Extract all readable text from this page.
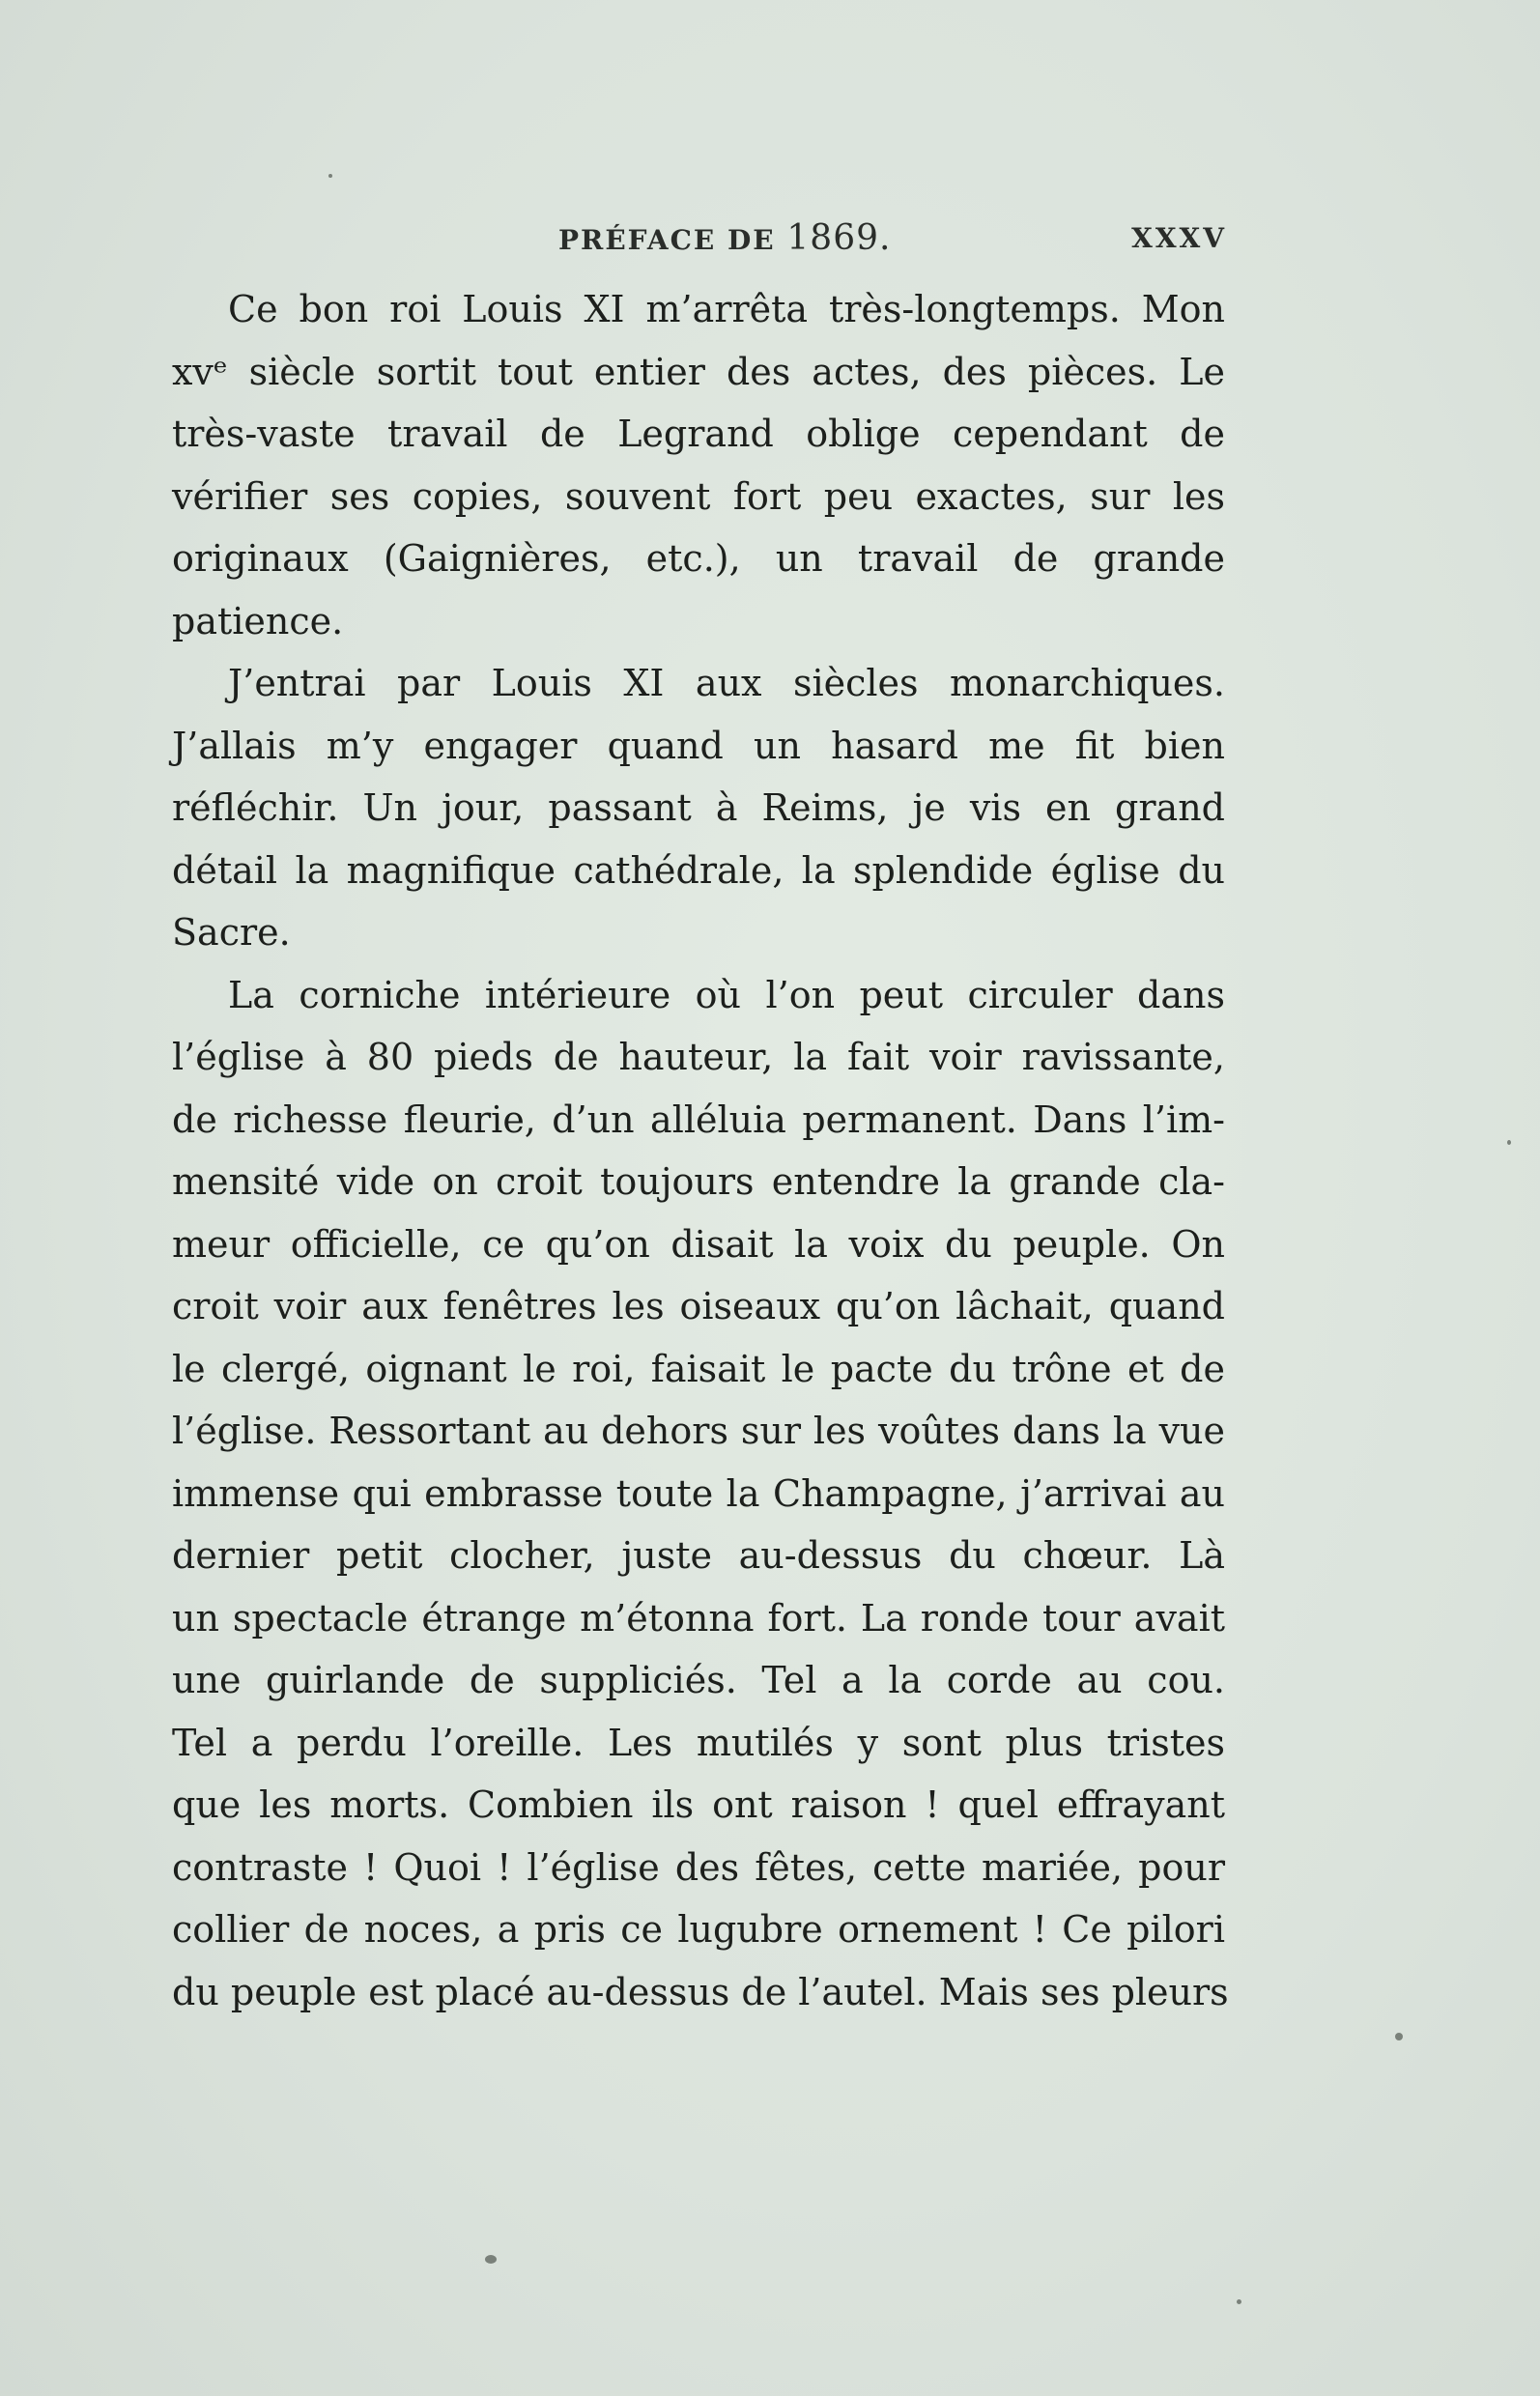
PRÉFACE DE 1869.	XXXV
Ce bon roi Louis XI m’arrêta très-longtemps. Mon
xvᵉ siècle sortit tout entier des actes, des pièces. Le
très-vaste travail de Legrand oblige cependant de
vérifier ses copies, souvent fort peu exactes, sur les
originaux (Gaignières, etc.), un travail de grande
patience.
J’entrai par Louis XI aux siècles monarchiques.
J’allais m’y engager quand un hasard me fit bien
réfléchir. Un jour, passant à Reims, je vis en grand
détail la magnifique cathédrale, la splendide église du
Sacre.
La corniche intérieure où l’on peut circuler dans
l’église à 80 pieds de hauteur, la fait voir ravissante,
de richesse fleurie, d’un alléluia permanent. Dans l’im-
mensité vide on croit toujours entendre la grande cla-
meur officielle, ce qu’on disait la voix du peuple. On
croit voir aux fenêtres les oiseaux qu’on lâchait, quand
le clergé, oignant le roi, faisait le pacte du trône et de
l’église. Ressortant au dehors sur les voûtes dans la vue
immense qui embrasse toute la Champagne, j’arrivai au
dernier petit clocher, juste au-dessus du chœur. Là
un spectacle étrange m’étonna fort. La ronde tour avait
une guirlande de suppliciés. Tel a la corde au cou.
Tel a perdu l’oreille. Les mutilés y sont plus tristes
que les morts. Combien ils ont raison ! quel effrayant
contraste ! Quoi ! l’église des fêtes, cette mariée, pour
collier de noces, a pris ce lugubre ornement ! Ce pilori
du peuple est placé au-dessus de l’autel. Mais ses pleurs
